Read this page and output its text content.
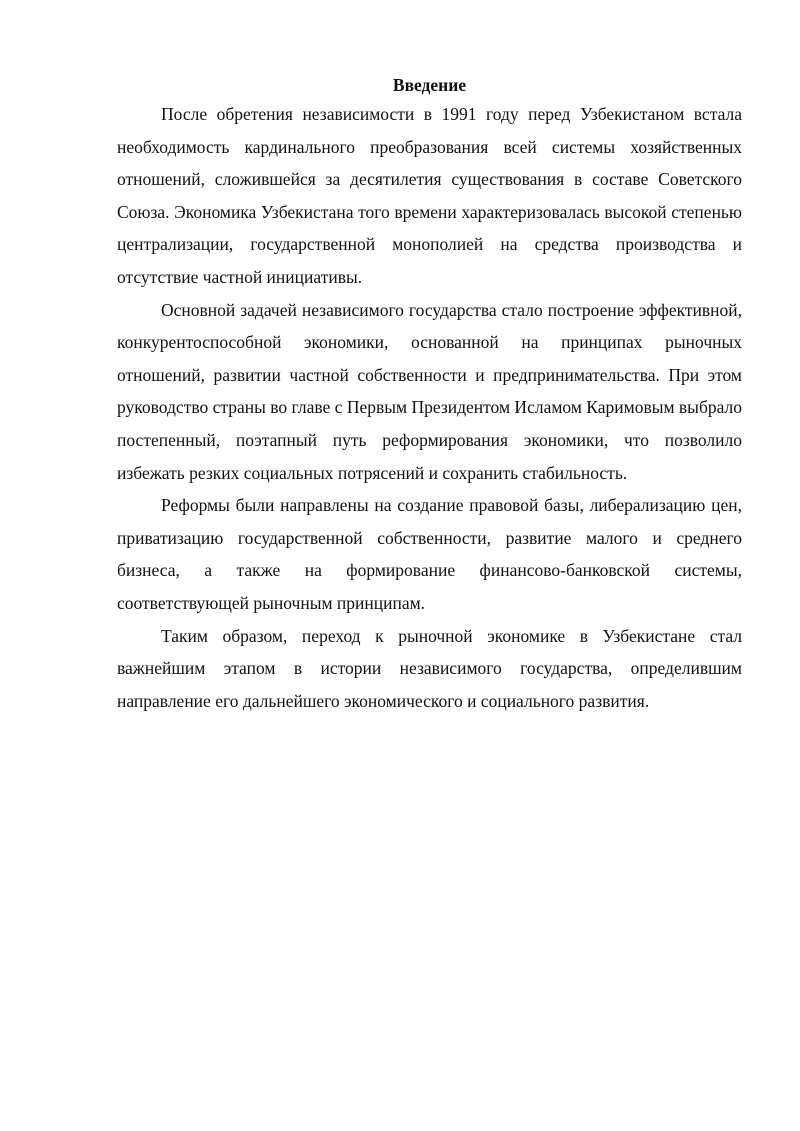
Введение

После обретения независимости в 1991 году перед Узбекистаном встала необходимость кардинального преобразования всей системы хозяйственных отношений, сложившейся за десятилетия существования в составе Советского Союза. Экономика Узбекистана того времени характеризовалась высокой степенью централизации, государственной монополией на средства производства и отсутствие частной инициативы.

Основной задачей независимого государства стало построение эффективной, конкурентоспособной экономики, основанной на принципах рыночных отношений, развитии частной собственности и предпринимательства. При этом руководство страны во главе с Первым Президентом Исламом Каримовым выбрало постепенный, поэтапный путь реформирования экономики, что позволило избежать резких социальных потрясений и сохранить стабильность.

Реформы были направлены на создание правовой базы, либерализацию цен, приватизацию государственной собственности, развитие малого и среднего бизнеса, а также на формирование финансово-банковской системы, соответствующей рыночным принципам.

Таким образом, переход к рыночной экономике в Узбекистане стал важнейшим этапом в истории независимого государства, определившим направление его дальнейшего экономического и социального развития.
